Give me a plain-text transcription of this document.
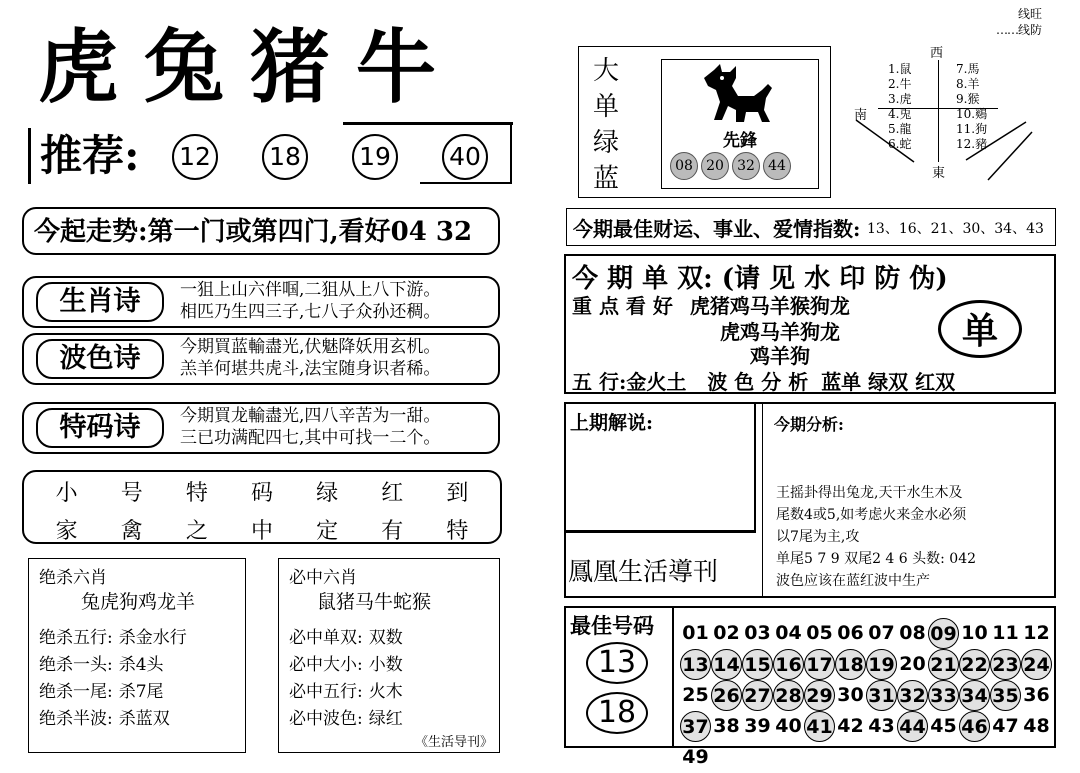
虎兔猪牛
推荐: 12 18 19 40
今起走势:第一门或第四门,看好04 32
生肖诗	一狙上山六伴啯,二狙从上八下游。
相匹乃生四三子,七八子众孙还稠。
波色诗	今期買蓝輸盡光,伏魅降妖用玄机。
羔羊何堪共虎斗,法宝随身识者稀。
特码诗	今期買龙輸盡光,四八辛苦为一甜。
三已功满配四七,其中可找一二个。
小 号 特 码 绿 红 到
家 禽 之 中 定 有 特
绝杀六肖
兔虎狗鸡龙羊
绝杀五行: 杀金水行
绝杀一头: 杀4头
绝杀一尾: 杀7尾
绝杀半波: 杀蓝双
必中六肖
鼠猪马牛蛇猴
必中单双: 双数
必中大小: 小数
必中五行: 火木
必中波色: 绿红
《生活导刊》
线旺
……线防
大
单
绿
蓝
先鋒
08 20 32 44
西
南
東
1.鼠
2.牛
3.虎
4.兎
5.龍
6.蛇
7.馬
8.羊
9.猴
10.鷄
11.狗
12.豬
今期最佳财运、事业、爱情指数: 13、16、21、30、34、43
今 期 单 双: (请 见 水 印 防 伪)
重 点 看 好 虎猪鸡马羊猴狗龙
虎鸡马羊狗龙
鸡羊狗
单
五 行:金火土 波 色 分 析 蓝单 绿双 红双
上期解说:
鳳凰生活導刊
今期分析:
王摇卦得出兔龙,天干水生木及
尾数4或5,如考虑火来金水必须
以7尾为主,攻
单尾5 7 9 双尾2 4 6 头数: 042
波色应该在蓝红波中生产
最佳号码
13
18
01 02 03 04 05 06 07 08 09 10 11 12
13 14 15 16 17 18 19 20 21 22 23 24
25 26 27 28 29 30 31 32 33 34 35 36
37 38 39 40 41 42 43 44 45 46 47 48
49
